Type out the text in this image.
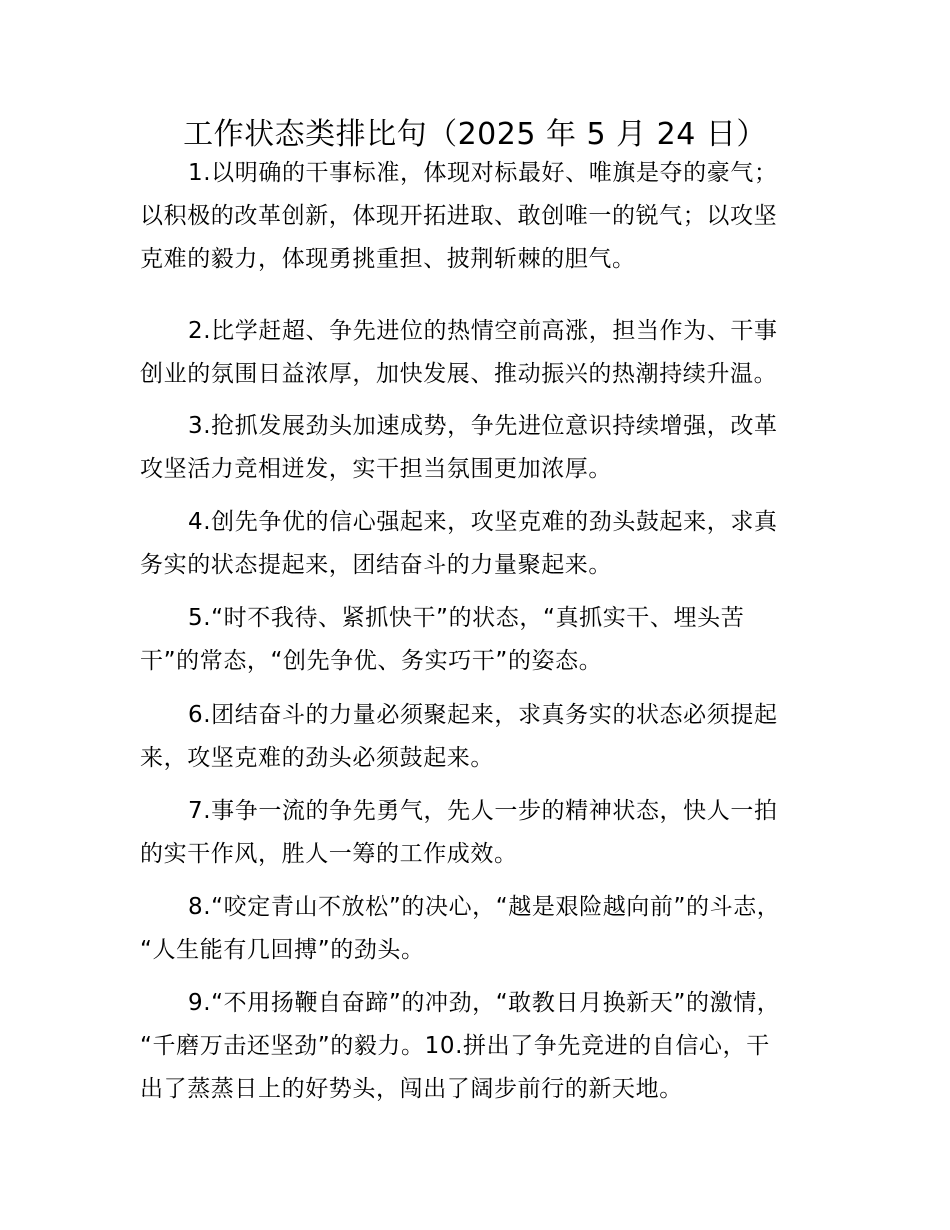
工作状态类排比句（2025 年 5 月 24 日）
1.以明确的干事标准，体现对标最好、唯旗是夺的豪气；
以积极的改革创新，体现开拓进取、敢创唯一的锐气；以攻坚
克难的毅力，体现勇挑重担、披荆斩棘的胆气。
2.比学赶超、争先进位的热情空前高涨，担当作为、干事
创业的氛围日益浓厚，加快发展、推动振兴的热潮持续升温。
3.抢抓发展劲头加速成势，争先进位意识持续增强，改革
攻坚活力竞相迸发，实干担当氛围更加浓厚。
4.创先争优的信心强起来，攻坚克难的劲头鼓起来，求真
务实的状态提起来，团结奋斗的力量聚起来。
5.“时不我待、紧抓快干”的状态，“真抓实干、埋头苦
干”的常态，“创先争优、务实巧干”的姿态。
6.团结奋斗的力量必须聚起来，求真务实的状态必须提起
来，攻坚克难的劲头必须鼓起来。
7.事争一流的争先勇气，先人一步的精神状态，快人一拍
的实干作风，胜人一筹的工作成效。
8.“咬定青山不放松”的决心，“越是艰险越向前”的斗志，
“人生能有几回搏”的劲头。
9.“不用扬鞭自奋蹄”的冲劲，“敢教日月换新天”的激情，
“千磨万击还坚劲”的毅力。10.拼出了争先竞进的自信心，干
出了蒸蒸日上的好势头，闯出了阔步前行的新天地。
